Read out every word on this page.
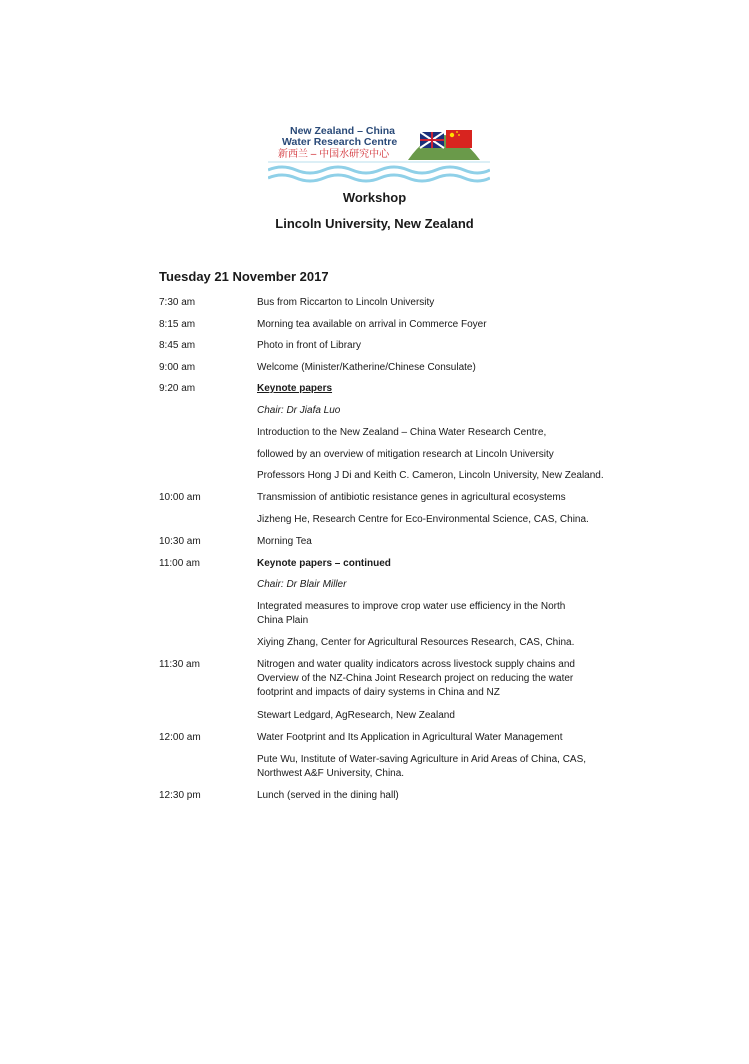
New Zealand – China
Water Research Centre
新西兰 – 中国水研究中心
Workshop
Lincoln University, New Zealand
Tuesday 21 November 2017
7:30 am	Bus from Riccarton to Lincoln University
8:15 am	Morning tea available on arrival in Commerce Foyer
8:45 am	Photo in front of Library
9:00 am	Welcome (Minister/Katherine/Chinese Consulate)
9:20 am	Keynote papers
Chair: Dr Jiafa Luo
Introduction to the New Zealand – China Water Research Centre,
followed by an overview of mitigation research at Lincoln University
Professors Hong J Di and Keith C. Cameron, Lincoln University, New Zealand.
10:00 am	Transmission of antibiotic resistance genes in agricultural ecosystems
Jizheng He, Research Centre for Eco-Environmental Science, CAS, China.
10:30 am	Morning Tea
11:00 am	Keynote papers – continued
Chair: Dr Blair Miller
Integrated measures to improve crop water use efficiency in the North China Plain
Xiying Zhang, Center for Agricultural Resources Research, CAS, China.
11:30 am	Nitrogen and water quality indicators across livestock supply chains and Overview of the NZ-China Joint Research project on reducing the water footprint and impacts of dairy systems in China and NZ
Stewart Ledgard, AgResearch, New Zealand
12:00 am	Water Footprint and Its Application in Agricultural Water Management
Pute Wu, Institute of Water-saving Agriculture in Arid Areas of China, CAS, Northwest A&F University, China.
12:30 pm	Lunch (served in the dining hall)
